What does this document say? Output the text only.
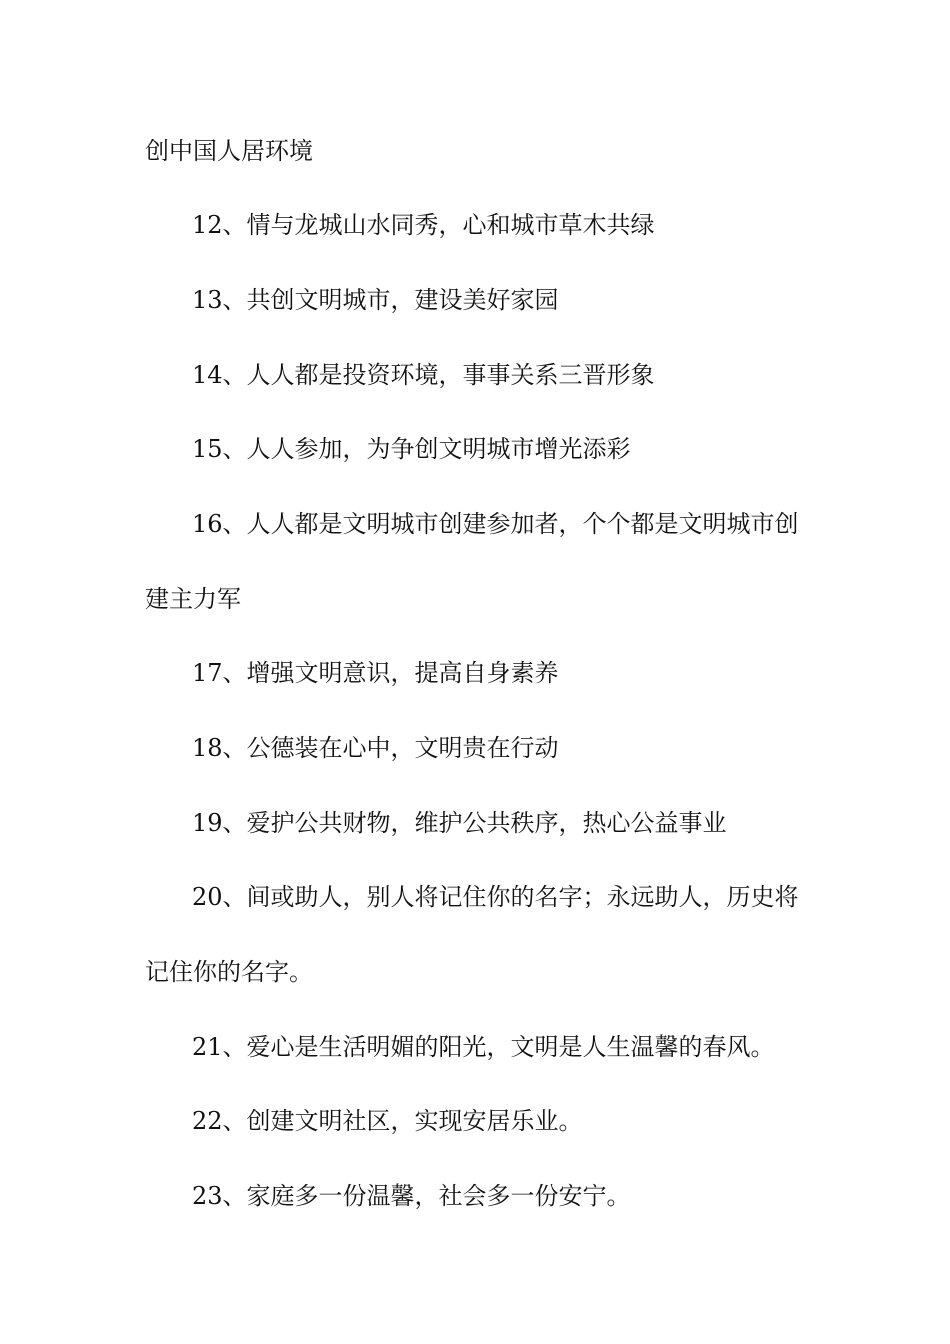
创中国人居环境
12、情与龙城山水同秀，心和城市草木共绿
13、共创文明城市，建设美好家园
14、人人都是投资环境，事事关系三晋形象
15、人人参加，为争创文明城市增光添彩
16、人人都是文明城市创建参加者，个个都是文明城市创
建主力军
17、增强文明意识，提高自身素养
18、公德装在心中，文明贵在行动
19、爱护公共财物，维护公共秩序，热心公益事业
20、间或助人，别人将记住你的名字；永远助人，历史将
记住你的名字。
21、爱心是生活明媚的阳光，文明是人生温馨的春风。
22、创建文明社区，实现安居乐业。
23、家庭多一份温馨，社会多一份安宁。
